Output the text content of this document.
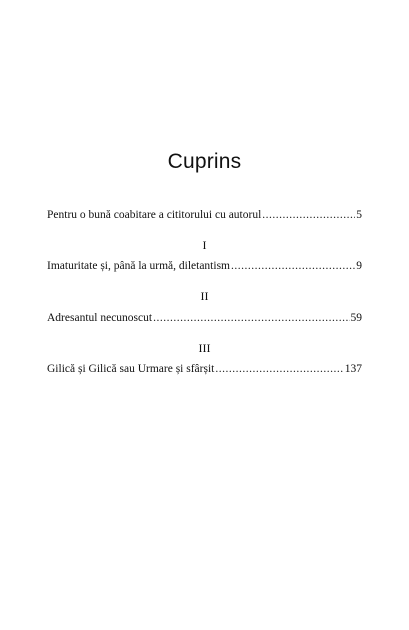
Cuprins
Pentru o bună coabitare a cititorului cu autorul .....	5
I
Imaturitate și, până la urmă, diletantism .....	9
II
Adresantul necunoscut .....	59
III
Gilică și Gilică sau Urmare și sfârșit .....	137
